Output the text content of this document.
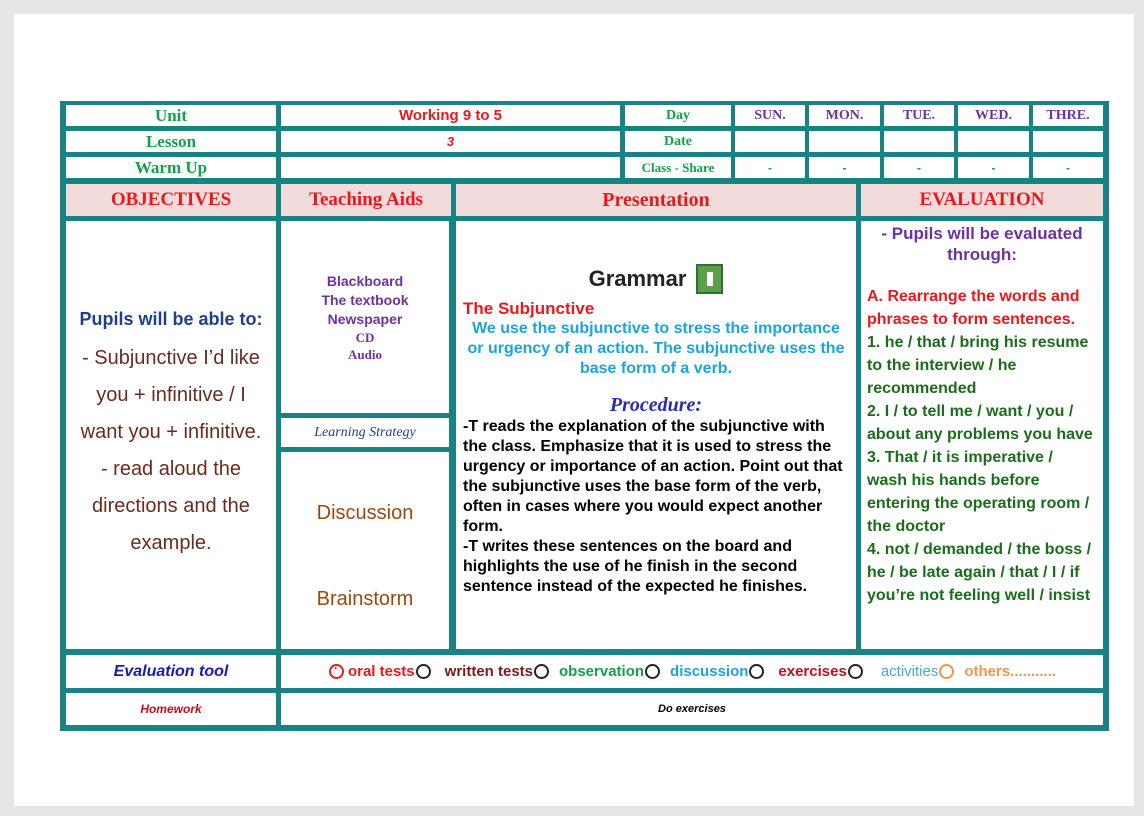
Unit	Working 9 to 5	Day	SUN.	MON.	TUE.	WED.	THRE.
Lesson	3	Date
Warm Up	Class - Share	-	-	-	-	-
OBJECTIVES	Teaching Aids	Presentation	EVALUATION
Pupils will be able to:
- Subjunctive I’d like
you + infinitive / I
want you + infinitive.
- read aloud the
directions and the
example.
Blackboard
The textbook
Newspaper
CD
Audio
Learning Strategy
Discussion
Brainstorm
Grammar
The Subjunctive
We use the subjunctive to stress the importance or urgency of an action. The subjunctive uses the base form of a verb.
Procedure:
-T reads the explanation of the subjunctive with the class. Emphasize that it is used to stress the urgency or importance of an action. Point out that the subjunctive uses the base form of the verb, often in cases where you would expect another form.
-T writes these sentences on the board and highlights the use of he finish in the second sentence instead of the expected he finishes.
- Pupils will be evaluated through:
A. Rearrange the words and phrases to form sentences.
1. he / that / bring his resume to the interview / he recommended
2. I / to tell me / want / you / about any problems you have
3. That / it is imperative / wash his hands before entering the operating room / the doctor
4. not / demanded / the boss / he / be late again / that / I / if you’re not feeling well / insist
Evaluation tool
·	oral tests written tests observation discussion exercises activities others...........
Homework	Do exercises
